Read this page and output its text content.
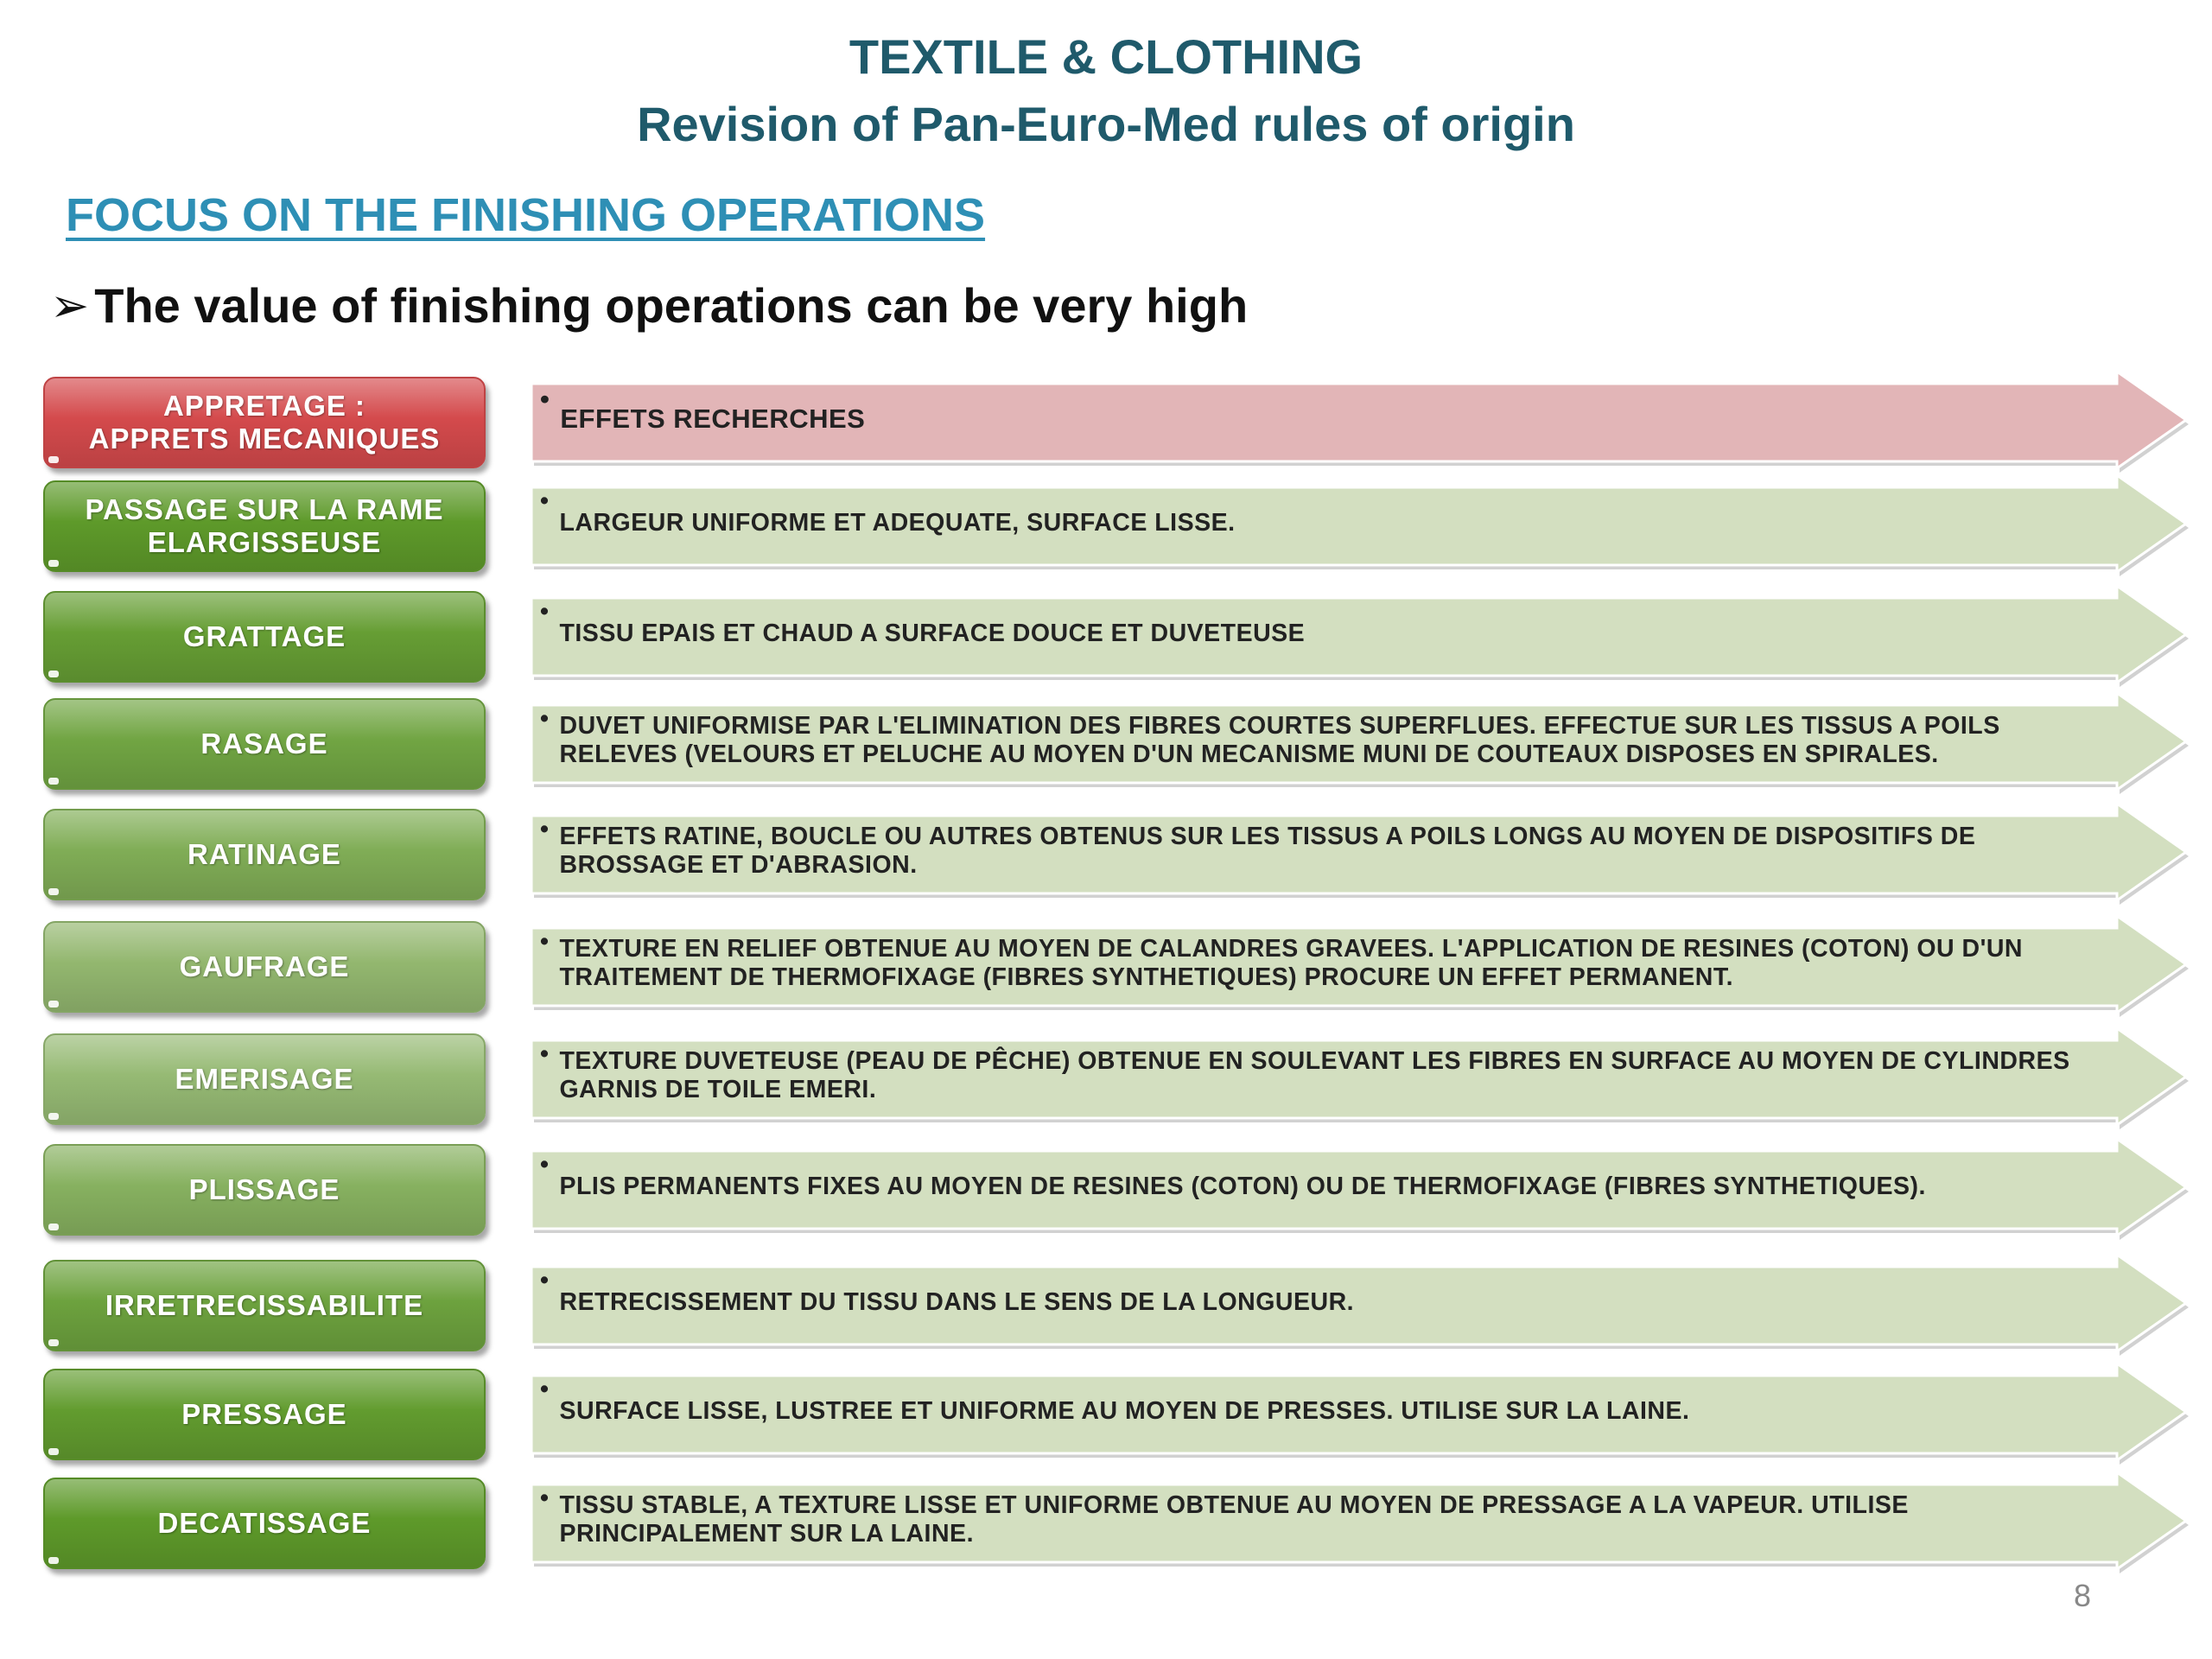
TEXTILE & CLOTHING
Revision of Pan-Euro-Med rules of origin
FOCUS ON THE FINISHING OPERATIONS
➢ The value of finishing operations can be very high
APPRETAGE :
APPRETS MECANIQUES
•
EFFETS RECHERCHES
PASSAGE SUR LA RAME ELARGISSEUSE
•
LARGEUR UNIFORME ET ADEQUATE, SURFACE LISSE.
GRATTAGE
•
TISSU EPAIS ET CHAUD A SURFACE DOUCE ET DUVETEUSE
RASAGE
• DUVET UNIFORMISE PAR L'ELIMINATION DES FIBRES COURTES SUPERFLUES. EFFECTUE SUR LES TISSUS A POILS RELEVES (VELOURS ET PELUCHE AU MOYEN D'UN MECANISME MUNI DE COUTEAUX DISPOSES EN SPIRALES.
RATINAGE
• EFFETS RATINE, BOUCLE OU AUTRES OBTENUS SUR LES TISSUS A POILS LONGS AU MOYEN DE DISPOSITIFS DE BROSSAGE ET D'ABRASION.
GAUFRAGE
• TEXTURE EN RELIEF OBTENUE AU MOYEN DE CALANDRES GRAVEES. L'APPLICATION DE RESINES (COTON) OU D'UN TRAITEMENT DE THERMOFIXAGE (FIBRES SYNTHETIQUES) PROCURE UN EFFET PERMANENT.
EMERISAGE
• TEXTURE DUVETEUSE (PEAU DE PÊCHE) OBTENUE EN SOULEVANT LES FIBRES EN SURFACE AU MOYEN DE CYLINDRES GARNIS DE TOILE EMERI.
PLISSAGE
•
PLIS PERMANENTS FIXES AU MOYEN DE RESINES (COTON) OU DE THERMOFIXAGE (FIBRES SYNTHETIQUES).
IRRETRECISSABILITE
•
RETRECISSEMENT DU TISSU DANS LE SENS DE LA LONGUEUR.
PRESSAGE
•
SURFACE LISSE, LUSTREE ET UNIFORME AU MOYEN DE PRESSES. UTILISE SUR LA LAINE.
DECATISSAGE
• TISSU STABLE, A TEXTURE LISSE ET UNIFORME OBTENUE AU MOYEN DE PRESSAGE A LA VAPEUR. UTILISE PRINCIPALEMENT SUR LA LAINE.
8
